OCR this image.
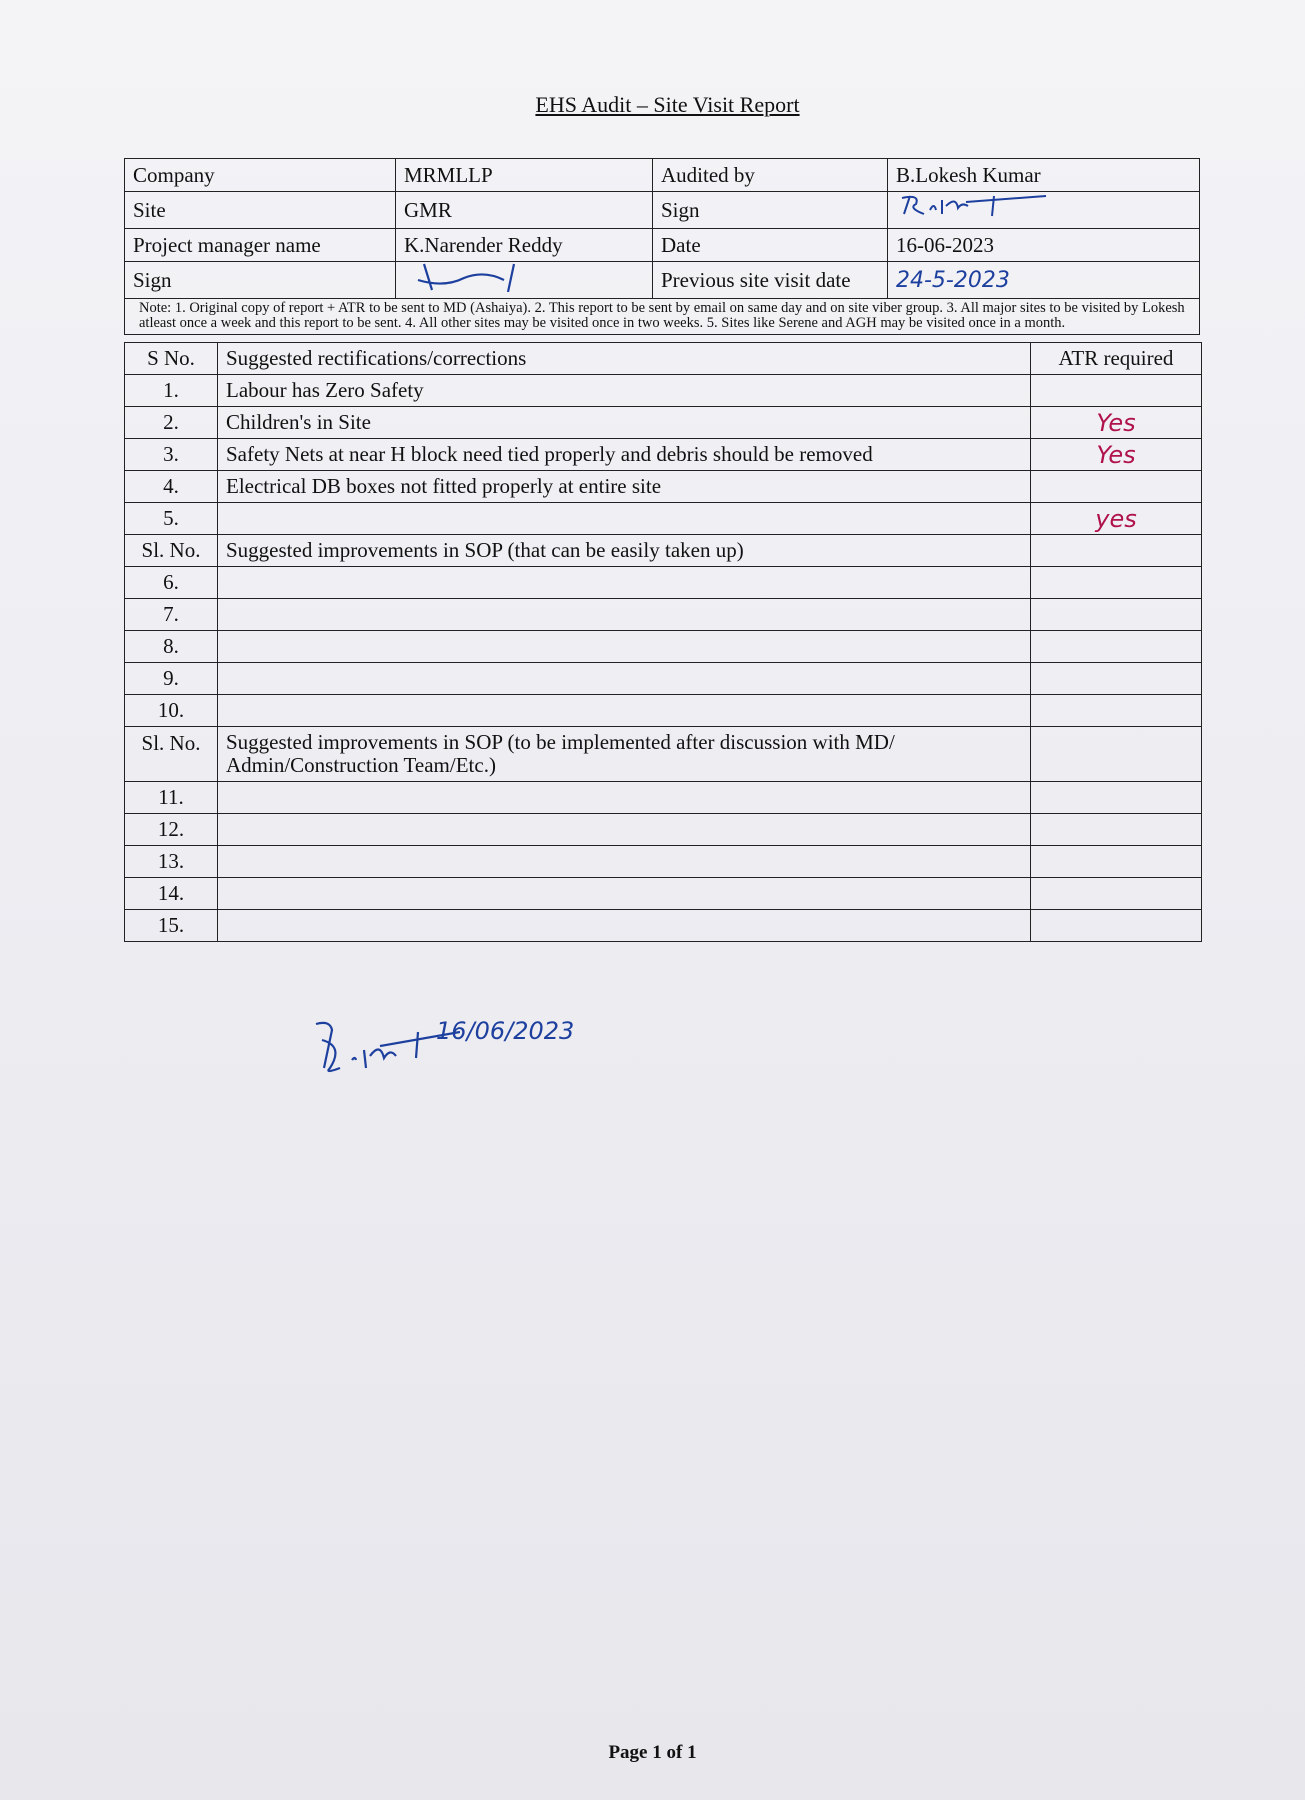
EHS Audit – Site Visit Report
Company	MRMLLP	Audited by	B.Lokesh Kumar
Site	GMR	Sign	
Project manager name	K.Narender Reddy	Date	16-06-2023
Sign		Previous site visit date	24-5-2023
Note: 1. Original copy of report + ATR to be sent to MD (Ashaiya). 2. This report to be sent by email on same day and on site viber group. 3. All major sites to be visited by Lokesh atleast once a week and this report to be sent. 4. All other sites may be visited once in two weeks. 5. Sites like Serene and AGH may be visited once in a month.			
S No.	Suggested rectifications/corrections	ATR required
1.	Labour has Zero Safety	
2.	Children's in Site	Yes
3.	Safety Nets at near H block need tied properly and debris should be removed	Yes
4.	Electrical DB boxes not fitted properly at entire site	
5.		yes
Sl. No.	Suggested improvements in SOP (that can be easily taken up)	
6.		
7.		
8.		
9.		
10.		
Sl. No.	Suggested improvements in SOP (to be implemented after discussion with MD/ Admin/Construction Team/Etc.)	
11.		
12.		
13.		
14.		
15.		
16/06/2023
Page 1 of 1
